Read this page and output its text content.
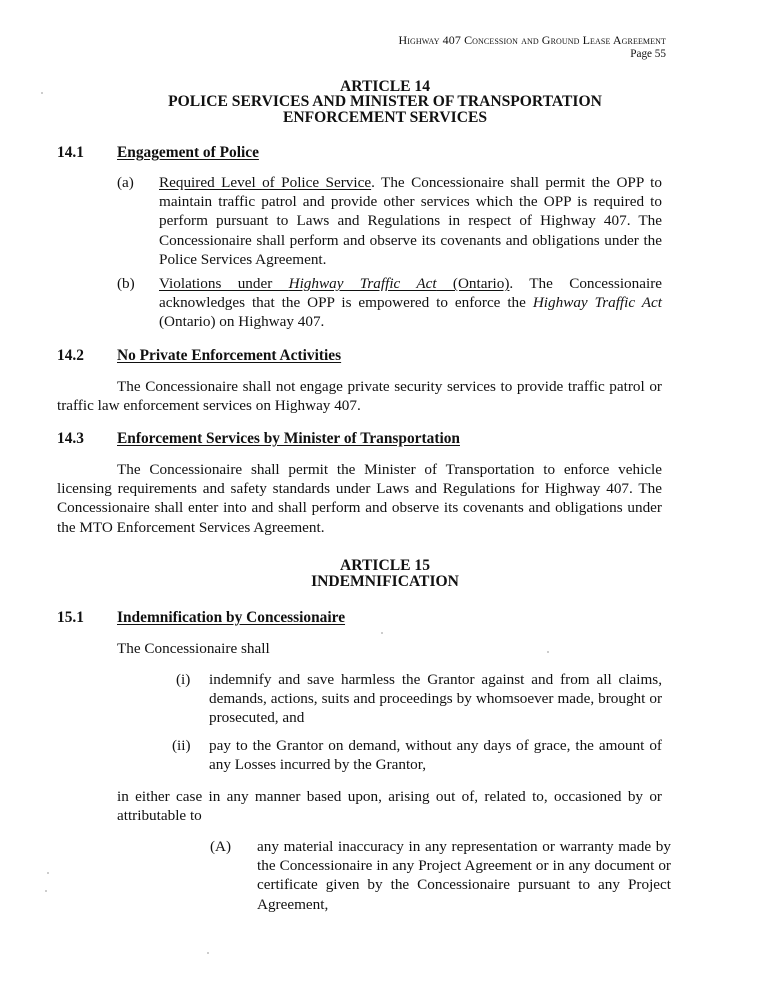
Highway 407 Concession and Ground Lease Agreement
Page 55
ARTICLE 14
POLICE SERVICES AND MINISTER OF TRANSPORTATION
ENFORCEMENT SERVICES
14.1 Engagement of Police
(a) Required Level of Police Service. The Concessionaire shall permit the OPP to maintain traffic patrol and provide other services which the OPP is required to perform pursuant to Laws and Regulations in respect of Highway 407. The Concessionaire shall perform and observe its covenants and obligations under the Police Services Agreement.
(b) Violations under Highway Traffic Act (Ontario). The Concessionaire acknowledges that the OPP is empowered to enforce the Highway Traffic Act (Ontario) on Highway 407.
14.2 No Private Enforcement Activities
The Concessionaire shall not engage private security services to provide traffic patrol or traffic law enforcement services on Highway 407.
14.3 Enforcement Services by Minister of Transportation
The Concessionaire shall permit the Minister of Transportation to enforce vehicle licensing requirements and safety standards under Laws and Regulations for Highway 407. The Concessionaire shall enter into and shall perform and observe its covenants and obligations under the MTO Enforcement Services Agreement.
ARTICLE 15
INDEMNIFICATION
15.1 Indemnification by Concessionaire
The Concessionaire shall
(i) indemnify and save harmless the Grantor against and from all claims, demands, actions, suits and proceedings by whomsoever made, brought or prosecuted, and
(ii) pay to the Grantor on demand, without any days of grace, the amount of any Losses incurred by the Grantor,
in either case in any manner based upon, arising out of, related to, occasioned by or attributable to
(A) any material inaccuracy in any representation or warranty made by the Concessionaire in any Project Agreement or in any document or certificate given by the Concessionaire pursuant to any Project Agreement,
